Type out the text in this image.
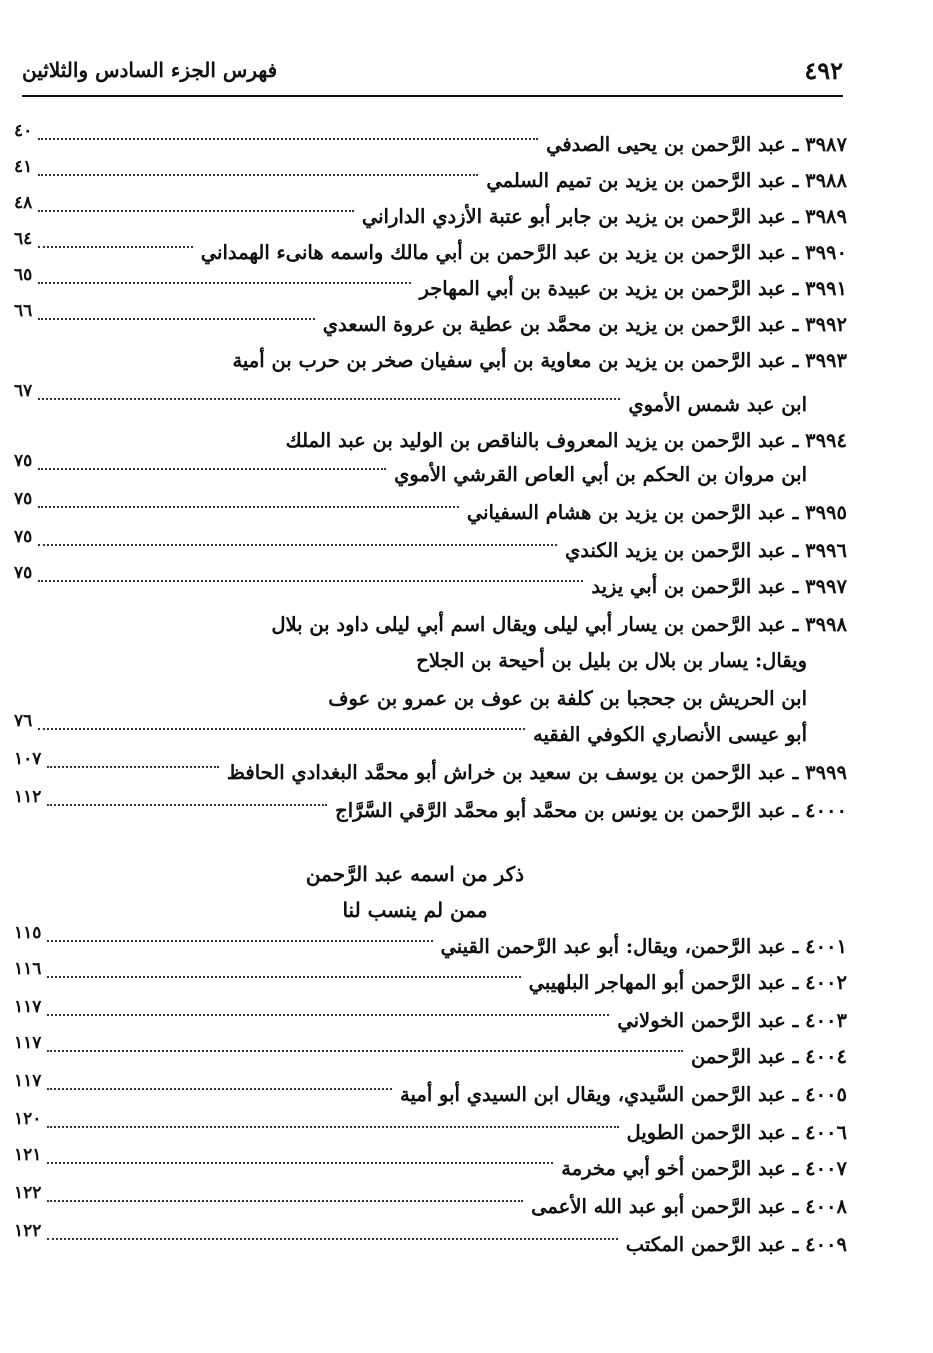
فهرس الجزء السادس والثلاثين	٤٩٢
٣٩٨٧ ـ عبد الرَّحمن بن يحيى الصدفي
٤٠
٣٩٨٨ ـ عبد الرَّحمن بن يزيد بن تميم السلمي
٤١
٣٩٨٩ ـ عبد الرَّحمن بن يزيد بن جابر أبو عتبة الأزدي الداراني
٤٨
٣٩٩٠ ـ عبد الرَّحمن بن يزيد بن عبد الرَّحمن بن أبي مالك واسمه هانىء الهمداني
٦٤
٣٩٩١ ـ عبد الرَّحمن بن يزيد بن عبيدة بن أبي المهاجر
٦٥
٣٩٩٢ ـ عبد الرَّحمن بن يزيد بن محمَّد بن عطية بن عروة السعدي
٦٦
٣٩٩٣ ـ عبد الرَّحمن بن يزيد بن معاوية بن أبي سفيان صخر بن حرب بن أمية
ابن عبد شمس الأموي
٦٧
٣٩٩٤ ـ عبد الرَّحمن بن يزيد المعروف بالناقص بن الوليد بن عبد الملك
ابن مروان بن الحكم بن أبي العاص القرشي الأموي
٧٥
٣٩٩٥ ـ عبد الرَّحمن بن يزيد بن هشام السفياني
٧٥
٣٩٩٦ ـ عبد الرَّحمن بن يزيد الكندي
٧٥
٣٩٩٧ ـ عبد الرَّحمن بن أبي يزيد
٧٥
٣٩٩٨ ـ عبد الرَّحمن بن يسار أبي ليلى ويقال اسم أبي ليلى داود بن بلال
ويقال: يسار بن بلال بن بليل بن أحيحة بن الجلاح
ابن الحريش بن جحجبا بن كلفة بن عوف بن عمرو بن عوف
أبو عيسى الأنصاري الكوفي الفقيه
٧٦
٣٩٩٩ ـ عبد الرَّحمن بن يوسف بن سعيد بن خراش أبو محمَّد البغدادي الحافظ
١٠٧
٤٠٠٠ ـ عبد الرَّحمن بن يونس بن محمَّد أبو محمَّد الرَّقي السَّرَّاج
١١٢
٤٠٠١ ـ عبد الرَّحمن، ويقال: أبو عبد الرَّحمن القيني
١١٥
٤٠٠٢ ـ عبد الرَّحمن أبو المهاجر البلهيبي
١١٦
٤٠٠٣ ـ عبد الرَّحمن الخولاني
١١٧
٤٠٠٤ ـ عبد الرَّحمن
١١٧
٤٠٠٥ ـ عبد الرَّحمن السَّيدي، ويقال ابن السيدي أبو أمية
١١٧
٤٠٠٦ ـ عبد الرَّحمن الطويل
١٢٠
٤٠٠٧ ـ عبد الرَّحمن أخو أبي مخرمة
١٢١
٤٠٠٨ ـ عبد الرَّحمن أبو عبد الله الأعمى
١٢٢
٤٠٠٩ ـ عبد الرَّحمن المكتب
١٢٢
ذكر من اسمه عبد الرَّحمن
ممن لم ينسب لنا
